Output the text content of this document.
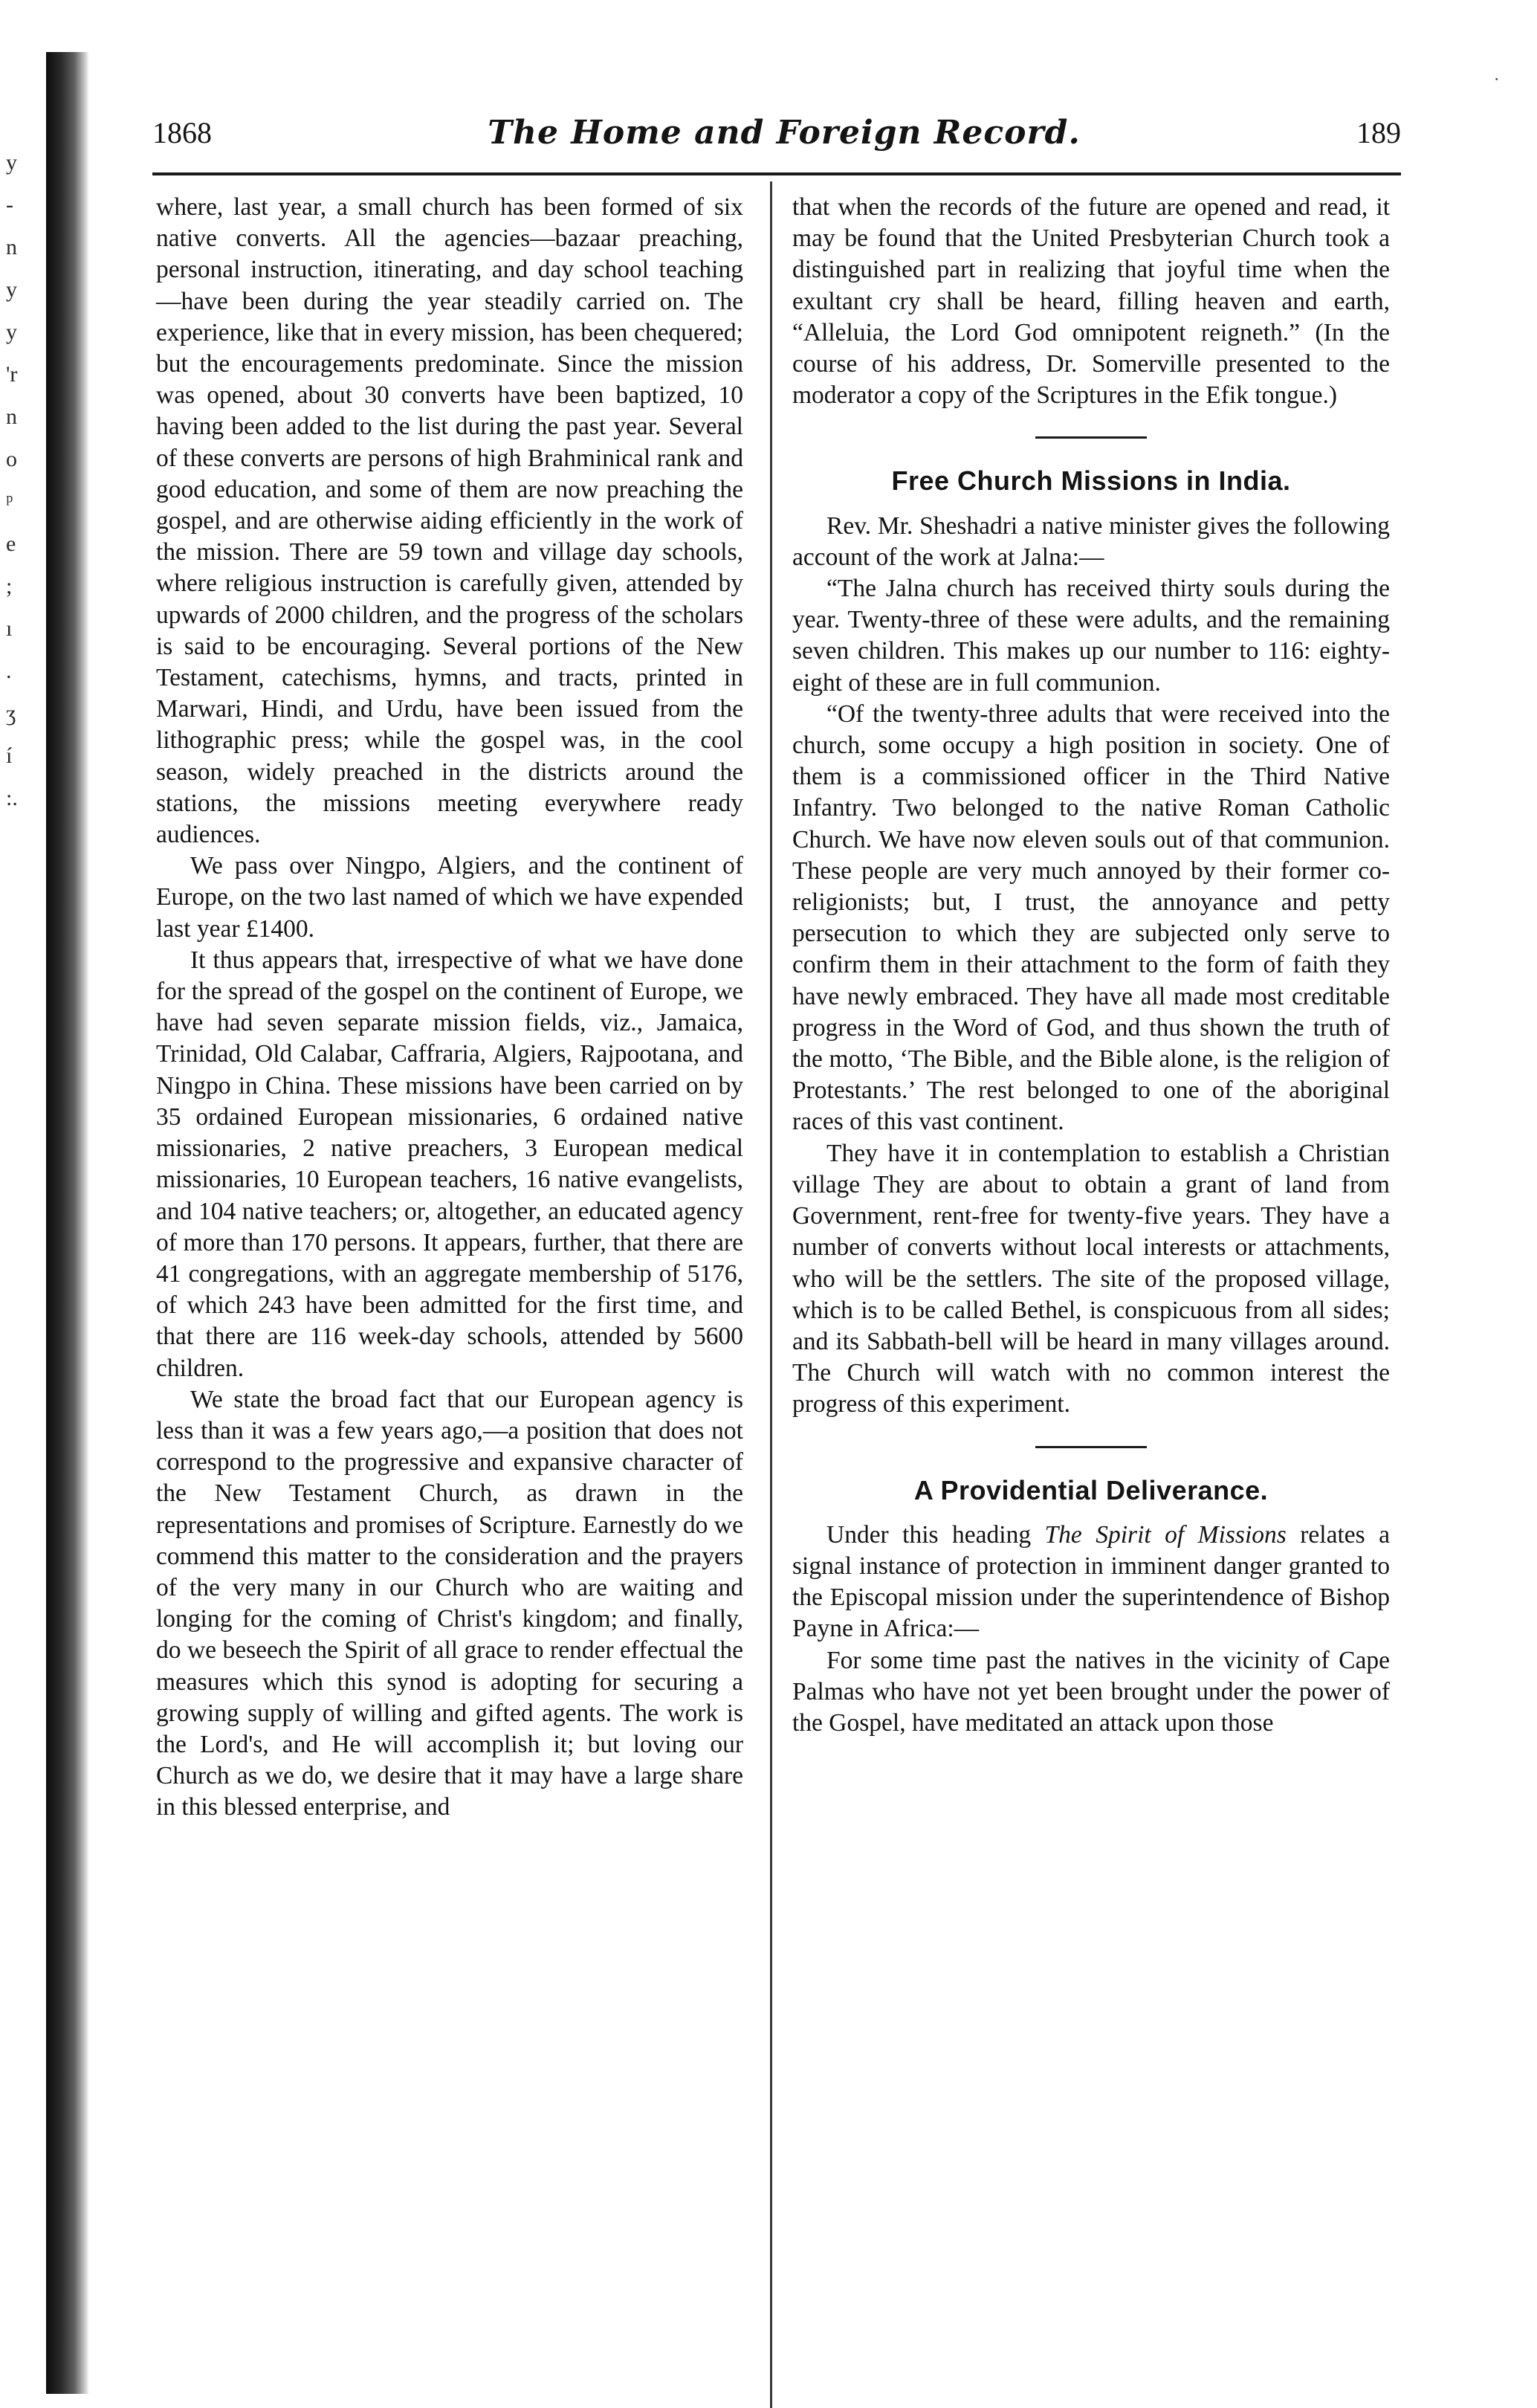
y
-
n
y
y
'r
n
o
ᵖ
e
;
ı
.
ʒ
í
:.
·
1868	The Home and Foreign Record.	189

where, last year, a small church has been formed of six native converts. All the agencies—bazaar preaching, personal instruction, itinerating, and day school teaching—have been during the year steadily carried on. The experience, like that in every mission, has been chequered; but the encouragements predominate. Since the mission was opened, about 30 converts have been baptized, 10 having been added to the list during the past year. Several of these converts are persons of high Brahminical rank and good education, and some of them are now preaching the gospel, and are otherwise aiding efficiently in the work of the mission. There are 59 town and village day schools, where religious instruction is carefully given, attended by upwards of 2000 children, and the progress of the scholars is said to be encouraging. Several portions of the New Testament, catechisms, hymns, and tracts, printed in Marwari, Hindi, and Urdu, have been issued from the lithographic press; while the gospel was, in the cool season, widely preached in the districts around the stations, the missions meeting everywhere ready audiences.

We pass over Ningpo, Algiers, and the continent of Europe, on the two last named of which we have expended last year £1400.

It thus appears that, irrespective of what we have done for the spread of the gospel on the continent of Europe, we have had seven separate mission fields, viz., Jamaica, Trinidad, Old Calabar, Caffraria, Algiers, Rajpootana, and Ningpo in China. These missions have been carried on by 35 ordained European missionaries, 6 ordained native missionaries, 2 native preachers, 3 European medical missionaries, 10 European teachers, 16 native evangelists, and 104 native teachers; or, altogether, an educated agency of more than 170 persons. It appears, further, that there are 41 congregations, with an aggregate membership of 5176, of which 243 have been admitted for the first time, and that there are 116 week-day schools, attended by 5600 children.

We state the broad fact that our European agency is less than it was a few years ago,—a position that does not correspond to the progressive and expansive character of the New Testament Church, as drawn in the representations and promises of Scripture. Earnestly do we commend this matter to the consideration and the prayers of the very many in our Church who are waiting and longing for the coming of Christ's kingdom; and finally, do we beseech the Spirit of all grace to render effectual the measures which this synod is adopting for securing a growing supply of willing and gifted agents. The work is the Lord's, and He will accomplish it; but loving our Church as we do, we desire that it may have a large share in this blessed enterprise, and

that when the records of the future are opened and read, it may be found that the United Presbyterian Church took a distinguished part in realizing that joyful time when the exultant cry shall be heard, filling heaven and earth, “Alleluia, the Lord God omnipotent reigneth.” (In the course of his address, Dr. Somerville presented to the moderator a copy of the Scriptures in the Efik tongue.)

Free Church Missions in India.

Rev. Mr. Sheshadri a native minister gives the following account of the work at Jalna:—

“The Jalna church has received thirty souls during the year. Twenty-three of these were adults, and the remaining seven children. This makes up our number to 116: eighty-eight of these are in full communion.

“Of the twenty-three adults that were received into the church, some occupy a high position in society. One of them is a commissioned officer in the Third Native Infantry. Two belonged to the native Roman Catholic Church. We have now eleven souls out of that communion. These people are very much annoyed by their former co-religionists; but, I trust, the annoyance and petty persecution to which they are subjected only serve to confirm them in their attachment to the form of faith they have newly embraced. They have all made most creditable progress in the Word of God, and thus shown the truth of the motto, ‘The Bible, and the Bible alone, is the religion of Protestants.’ The rest belonged to one of the aboriginal races of this vast continent.

They have it in contemplation to establish a Christian village They are about to obtain a grant of land from Government, rent-free for twenty-five years. They have a number of converts without local interests or attachments, who will be the settlers. The site of the proposed village, which is to be called Bethel, is conspicuous from all sides; and its Sabbath-bell will be heard in many villages around. The Church will watch with no common interest the progress of this experiment.

A Providential Deliverance.

Under this heading The Spirit of Missions relates a signal instance of protection in imminent danger granted to the Episcopal mission under the superintendence of Bishop Payne in Africa:—

For some time past the natives in the vicinity of Cape Palmas who have not yet been brought under the power of the Gospel, have meditated an attack upon those
